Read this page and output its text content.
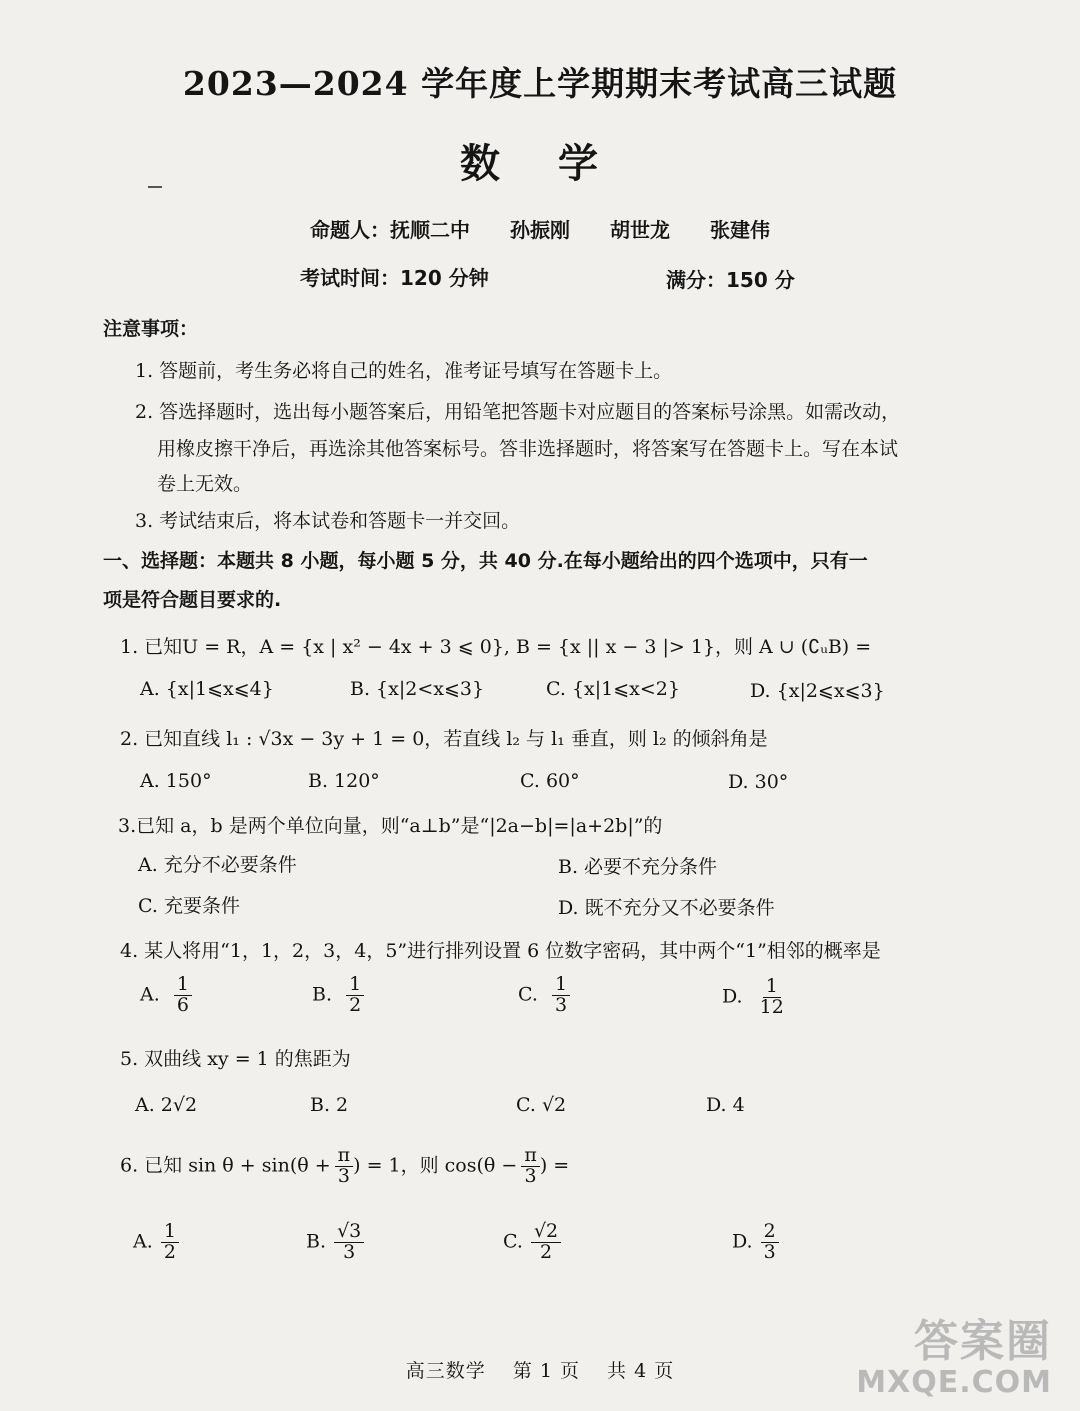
2023—2024 学年度上学期期末考试高三试题
数 学
命题人：抚顺二中　　孙振刚　　胡世龙　　张建伟
考试时间：120 分钟	满分：150 分
注意事项：
1. 答题前，考生务必将自己的姓名，准考证号填写在答题卡上。
2. 答选择题时，选出每小题答案后，用铅笔把答题卡对应题目的答案标号涂黑。如需改动，
用橡皮擦干净后，再选涂其他答案标号。答非选择题时，将答案写在答题卡上。写在本试
卷上无效。
3. 考试结束后，将本试卷和答题卡一并交回。
一、选择题：本题共 8 小题，每小题 5 分，共 40 分.在每小题给出的四个选项中，只有一
项是符合题目要求的.
1. 已知U = R，A = {x | x² − 4x + 3 ⩽ 0}, B = {x || x − 3 |> 1}，则 A ∪ (∁ᵤB) =
A. {x|1⩽x⩽4}	B. {x|2<x⩽3}	C. {x|1⩽x<2}	D. {x|2⩽x⩽3}
2. 已知直线 l₁ : √3x − 3y + 1 = 0，若直线 l₂ 与 l₁ 垂直，则 l₂ 的倾斜角是
A. 150°	B. 120°	C. 60°	D. 30°
3.已知 a，b 是两个单位向量，则“a⊥b”是“|2a−b|=|a+2b|”的
A. 充分不必要条件	B. 必要不充分条件
C. 充要条件	D. 既不充分又不必要条件
4. 某人将用“1，1，2，3，4，5”进行排列设置 6 位数字密码，其中两个“1”相邻的概率是
A. $\frac{1}{6}$	B. $\frac{1}{2}$	C. $\frac{1}{3}$	D. $\frac{1}{12}$
5. 双曲线 xy = 1 的焦距为
A. 2√2	B. 2	C. √2	D. 4
6. 已知 $\sin \theta + \sin(\theta + \frac{\pi}{3}$ ) = 1，则 $\cos(\theta - \frac{\pi}{3}$ ) =
A. $\frac{1}{2}$	B. $\frac{√3}{3}$	C. $\frac{√2}{2}$	D. $\frac{2}{3}$
高三数学　 第 1 页　 共 4 页
答案圈
MXQE.COM
